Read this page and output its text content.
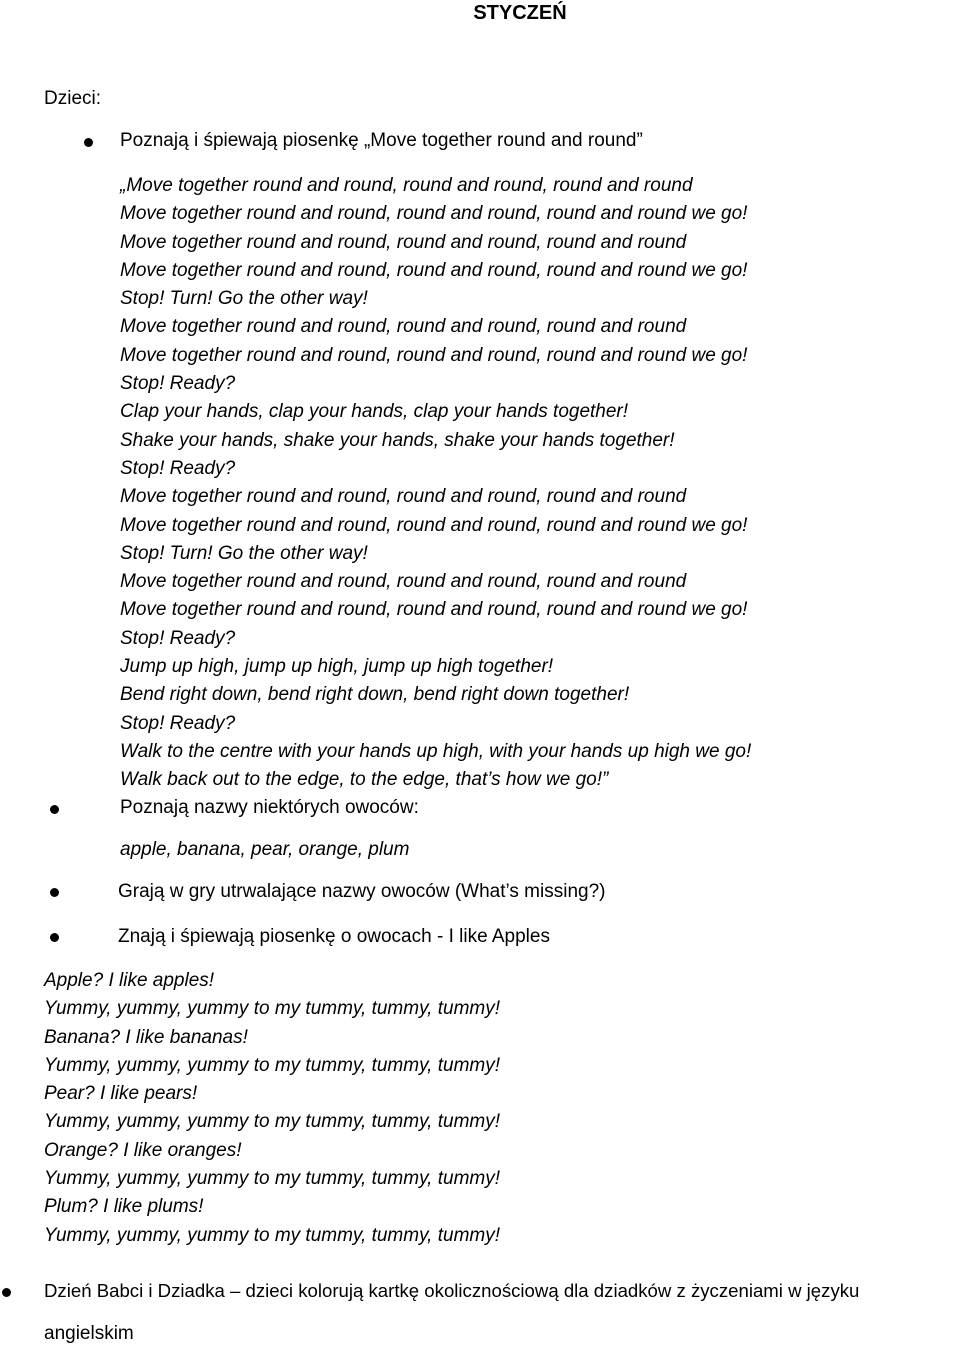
STYCZEŃ
Dzieci:
Poznają i śpiewają piosenkę „Move together round and round”
„Move together round and round, round and round, round and round
Move together round and round, round and round, round and round we go!
Move together round and round, round and round, round and round
Move together round and round, round and round, round and round we go!
Stop! Turn! Go the other way!
Move together round and round, round and round, round and round
Move together round and round, round and round, round and round we go!
Stop! Ready?
Clap your hands, clap your hands, clap your hands together!
Shake your hands, shake your hands, shake your hands together!
Stop! Ready?
Move together round and round, round and round, round and round
Move together round and round, round and round, round and round we go!
Stop! Turn! Go the other way!
Move together round and round, round and round, round and round
Move together round and round, round and round, round and round we go!
Stop! Ready?
Jump up high, jump up high, jump up high together!
Bend right down, bend right down, bend right down together!
Stop! Ready?
Walk to the centre with your hands up high, with your hands up high we go!
Walk back out to the edge, to the edge, that’s how we go!”
Poznają nazwy niektórych owoców:
apple, banana, pear, orange, plum
Grają w gry utrwalające nazwy owoców (What’s missing?)
Znają i śpiewają piosenkę o owocach - I like Apples
Apple? I like apples!
Yummy, yummy, yummy to my tummy, tummy, tummy!
Banana? I like bananas!
Yummy, yummy, yummy to my tummy, tummy, tummy!
Pear? I like pears!
Yummy, yummy, yummy to my tummy, tummy, tummy!
Orange? I like oranges!
Yummy, yummy, yummy to my tummy, tummy, tummy!
Plum? I like plums!
Yummy, yummy, yummy to my tummy, tummy, tummy!
Dzień Babci i Dziadka – dzieci kolorują kartkę okolicznościową dla dziadków z życzeniami w języku
angielskim
